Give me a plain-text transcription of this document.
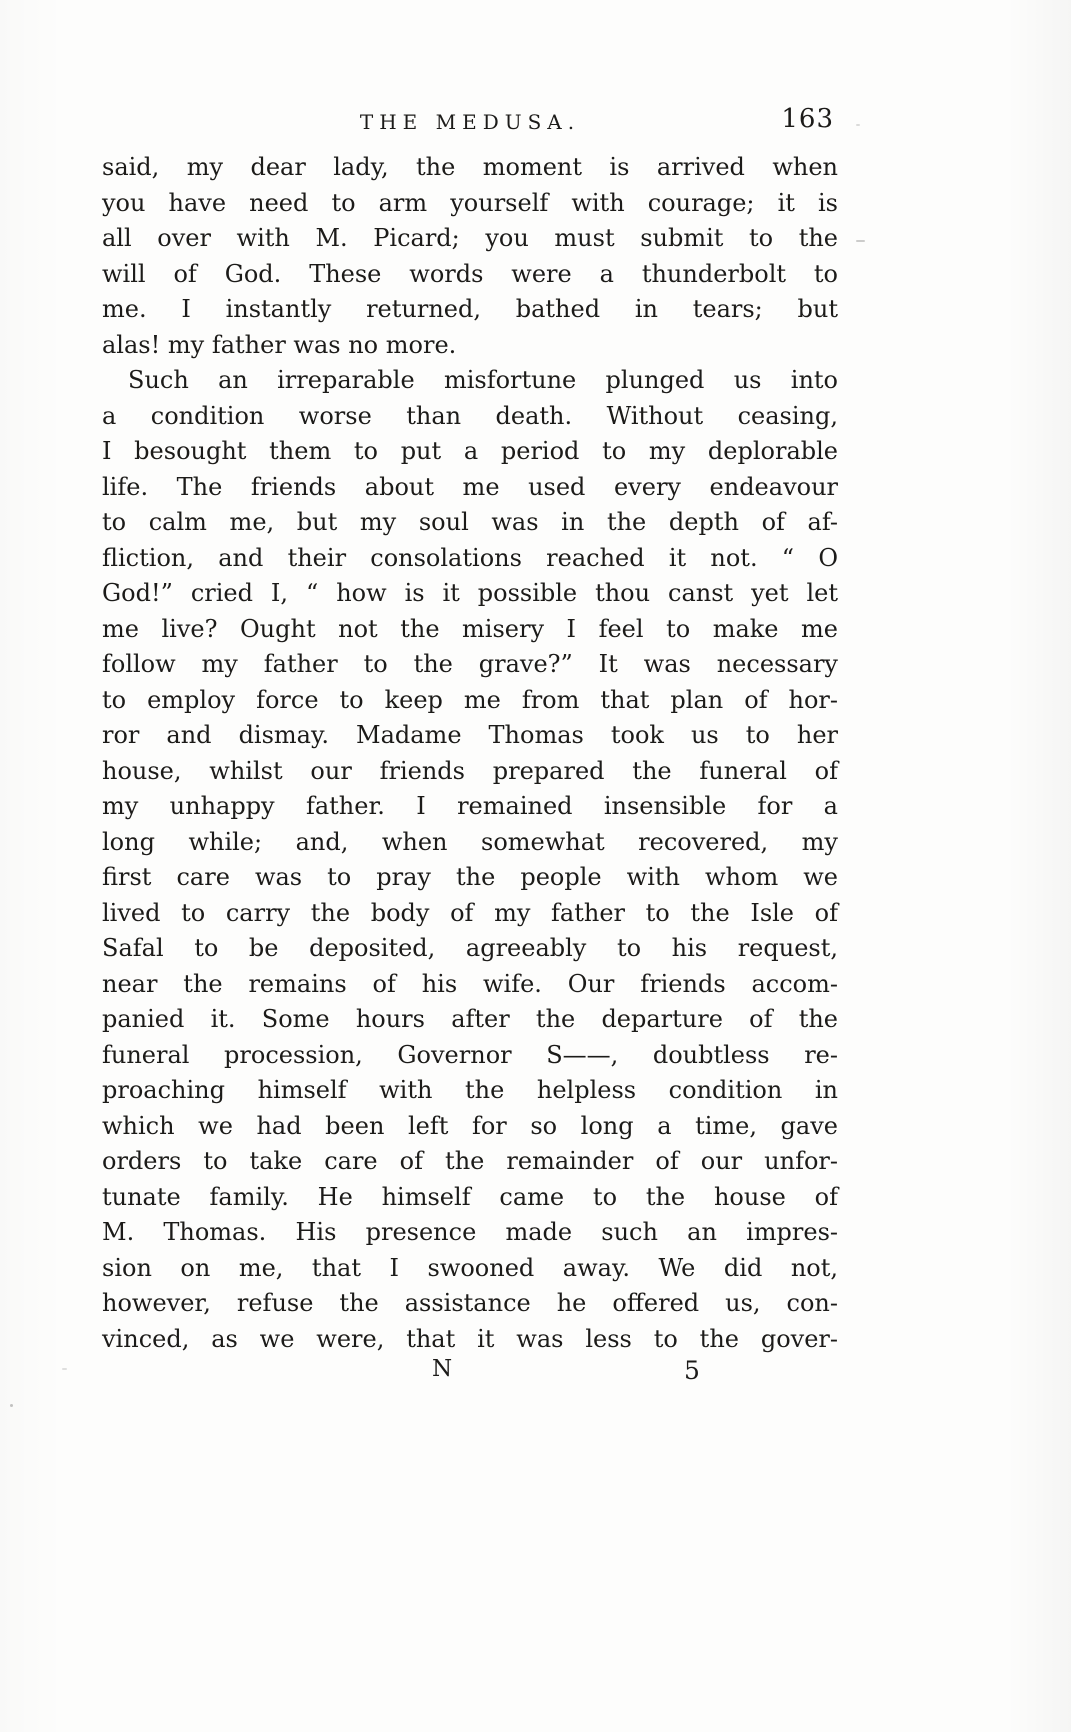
THE MEDUSA.	163
said, my dear lady, the moment is arrived when
you have need to arm yourself with courage; it is
all over with M. Picard; you must submit to the
will of God. These words were a thunderbolt to
me. I instantly returned, bathed in tears; but
alas! my father was no more.
Such an irreparable misfortune plunged us into
a condition worse than death. Without ceasing,
I besought them to put a period to my deplorable
life. The friends about me used every endeavour
to calm me, but my soul was in the depth of af-
fliction, and their consolations reached it not. “ O
God!” cried I, “ how is it possible thou canst yet let
me live? Ought not the misery I feel to make me
follow my father to the grave?” It was necessary
to employ force to keep me from that plan of hor-
ror and dismay. Madame Thomas took us to her
house, whilst our friends prepared the funeral of
my unhappy father. I remained insensible for a
long while; and, when somewhat recovered, my
first care was to pray the people with whom we
lived to carry the body of my father to the Isle of
Safal to be deposited, agreeably to his request,
near the remains of his wife. Our friends accom-
panied it. Some hours after the departure of the
funeral procession, Governor S——, doubtless re-
proaching himself with the helpless condition in
which we had been left for so long a time, gave
orders to take care of the remainder of our unfor-
tunate family. He himself came to the house of
M. Thomas. His presence made such an impres-
sion on me, that I swooned away. We did not,
however, refuse the assistance he offered us, con-
vinced, as we were, that it was less to the gover-
N	5
